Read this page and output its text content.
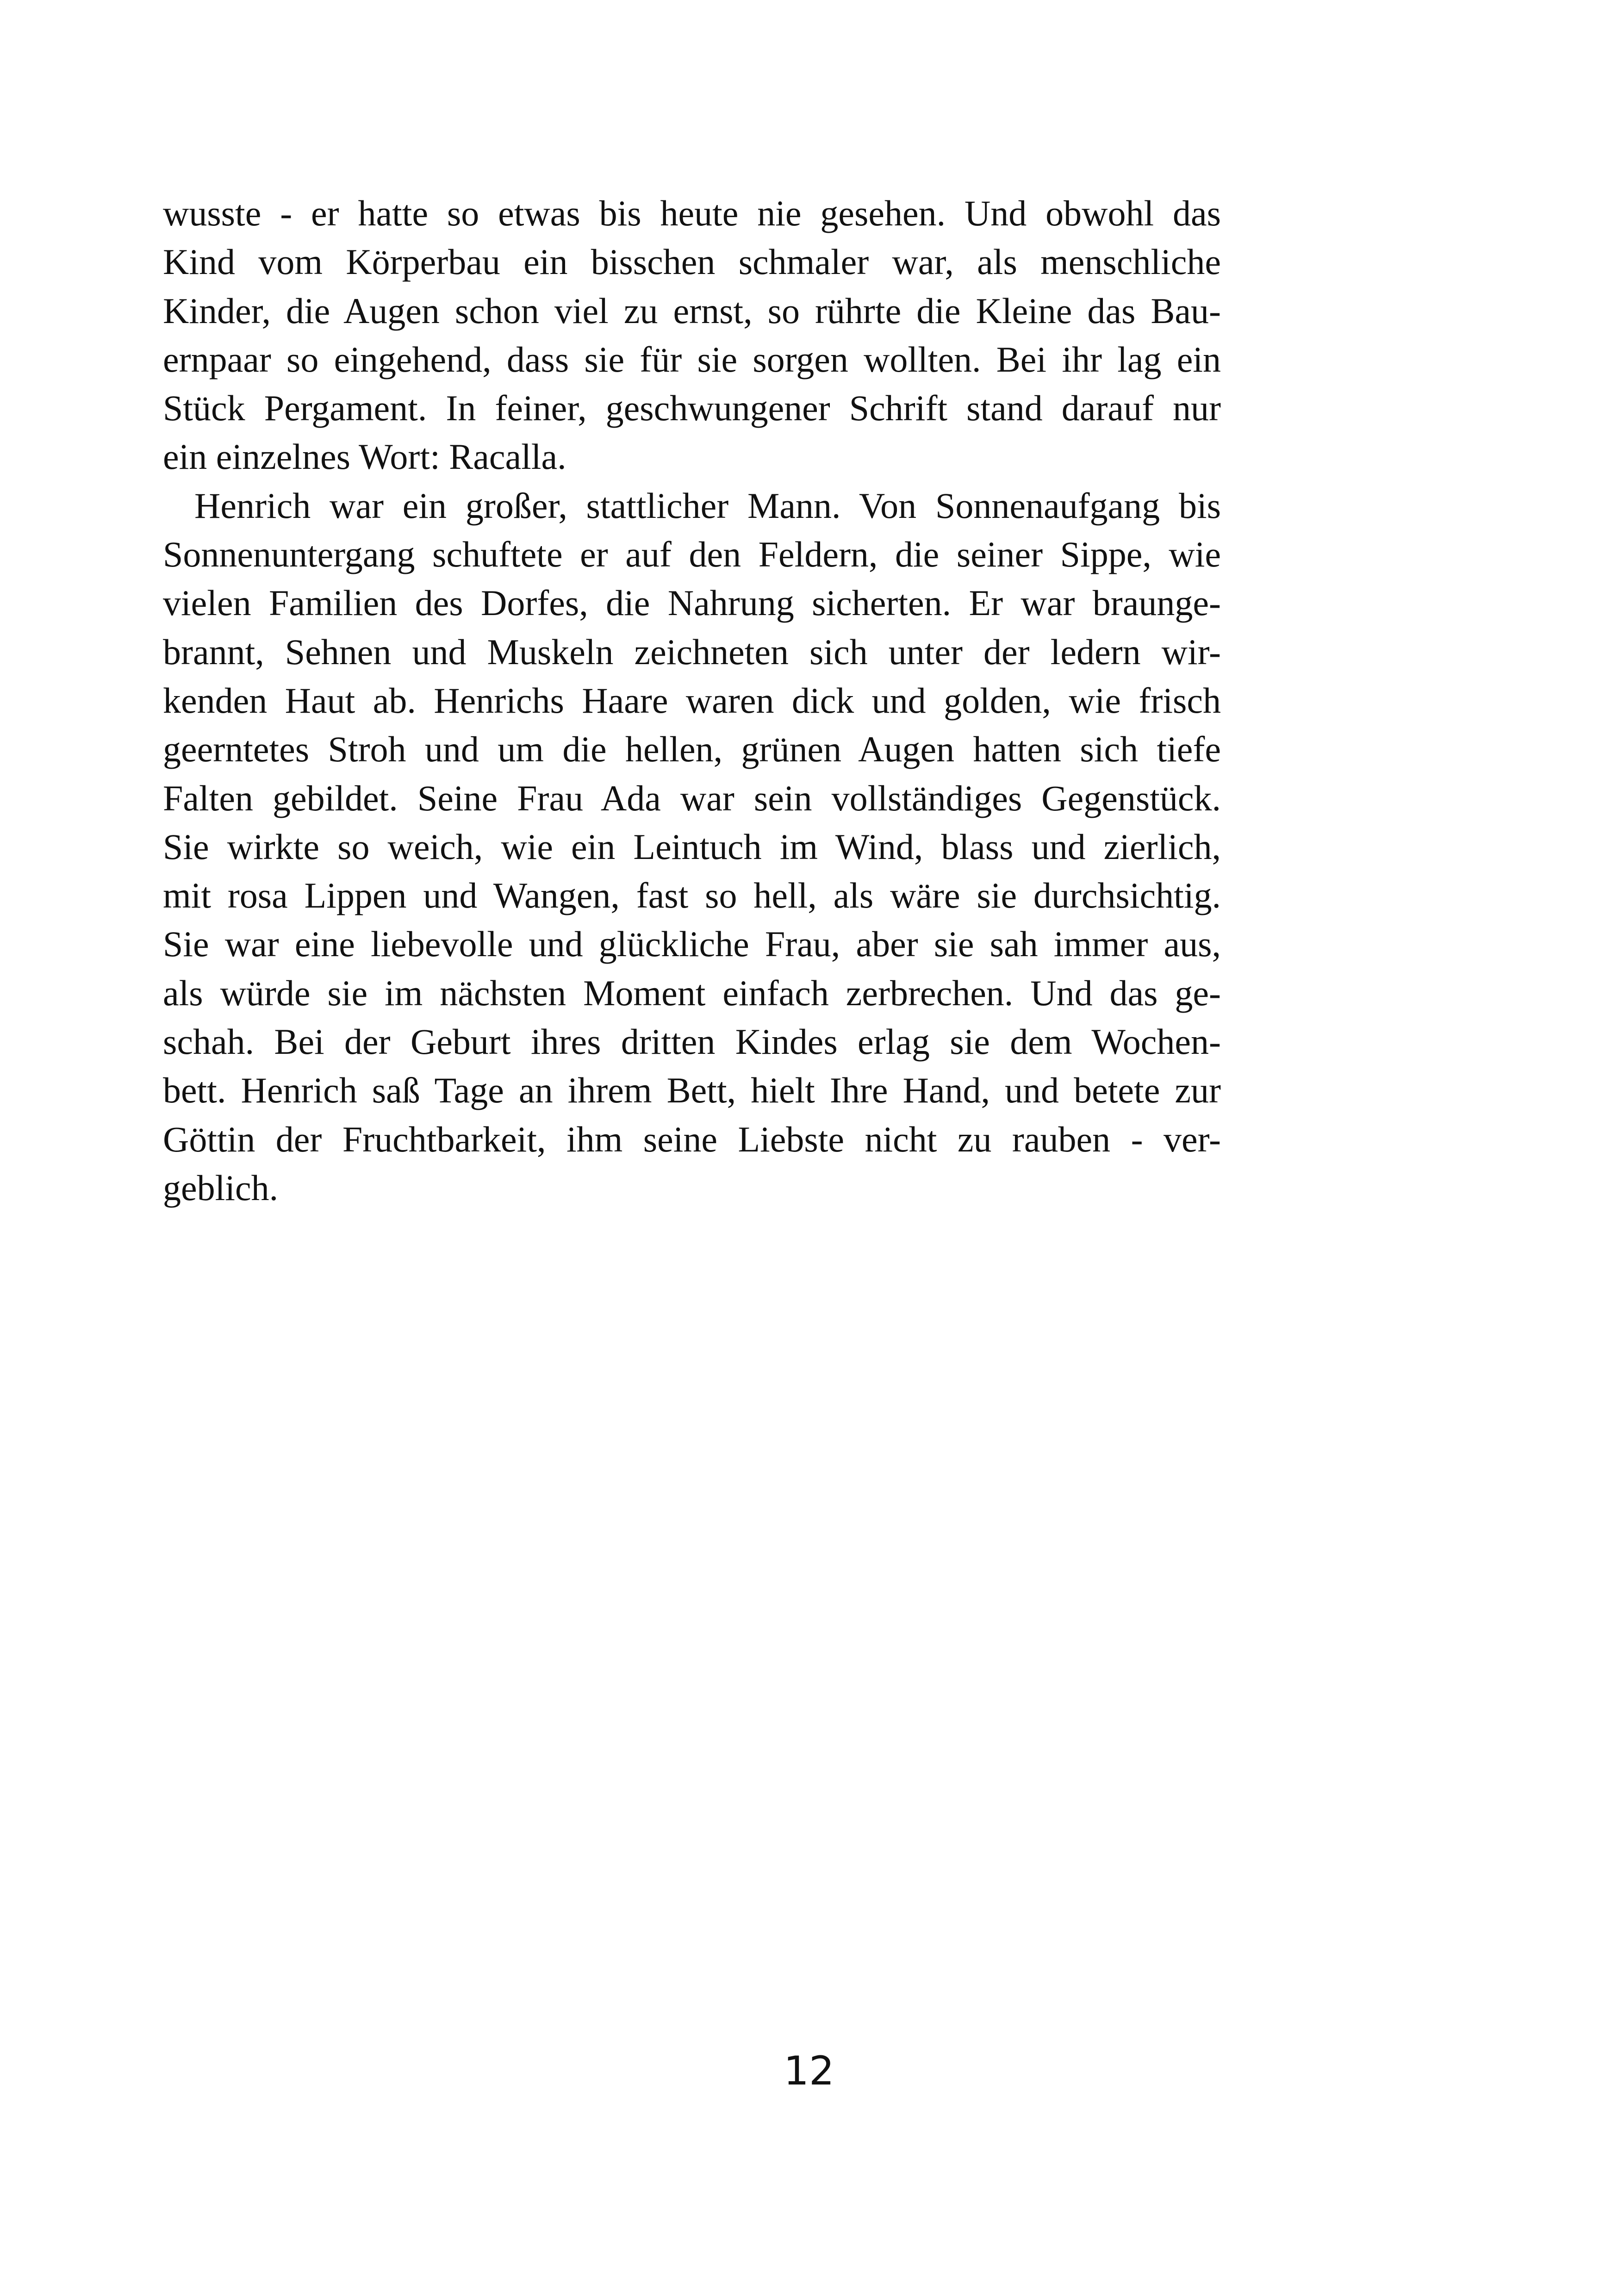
wusste - er hatte so etwas bis heute nie gesehen. Und obwohl das
Kind vom Körperbau ein bisschen schmaler war, als menschliche
Kinder, die Augen schon viel zu ernst, so rührte die Kleine das Bau-
ernpaar so eingehend, dass sie für sie sorgen wollten. Bei ihr lag ein
Stück Pergament. In feiner, geschwungener Schrift stand darauf nur
ein einzelnes Wort: Racalla.
Henrich war ein großer, stattlicher Mann. Von Sonnenaufgang bis
Sonnenuntergang schuftete er auf den Feldern, die seiner Sippe, wie
vielen Familien des Dorfes, die Nahrung sicherten. Er war braunge-
brannt, Sehnen und Muskeln zeichneten sich unter der ledern wir-
kenden Haut ab. Henrichs Haare waren dick und golden, wie frisch
geerntetes Stroh und um die hellen, grünen Augen hatten sich tiefe
Falten gebildet. Seine Frau Ada war sein vollständiges Gegenstück.
Sie wirkte so weich, wie ein Leintuch im Wind, blass und zierlich,
mit rosa Lippen und Wangen, fast so hell, als wäre sie durchsichtig.
Sie war eine liebevolle und glückliche Frau, aber sie sah immer aus,
als würde sie im nächsten Moment einfach zerbrechen. Und das ge-
schah. Bei der Geburt ihres dritten Kindes erlag sie dem Wochen-
bett. Henrich saß Tage an ihrem Bett, hielt Ihre Hand, und betete zur
Göttin der Fruchtbarkeit, ihm seine Liebste nicht zu rauben - ver-
geblich.
12
